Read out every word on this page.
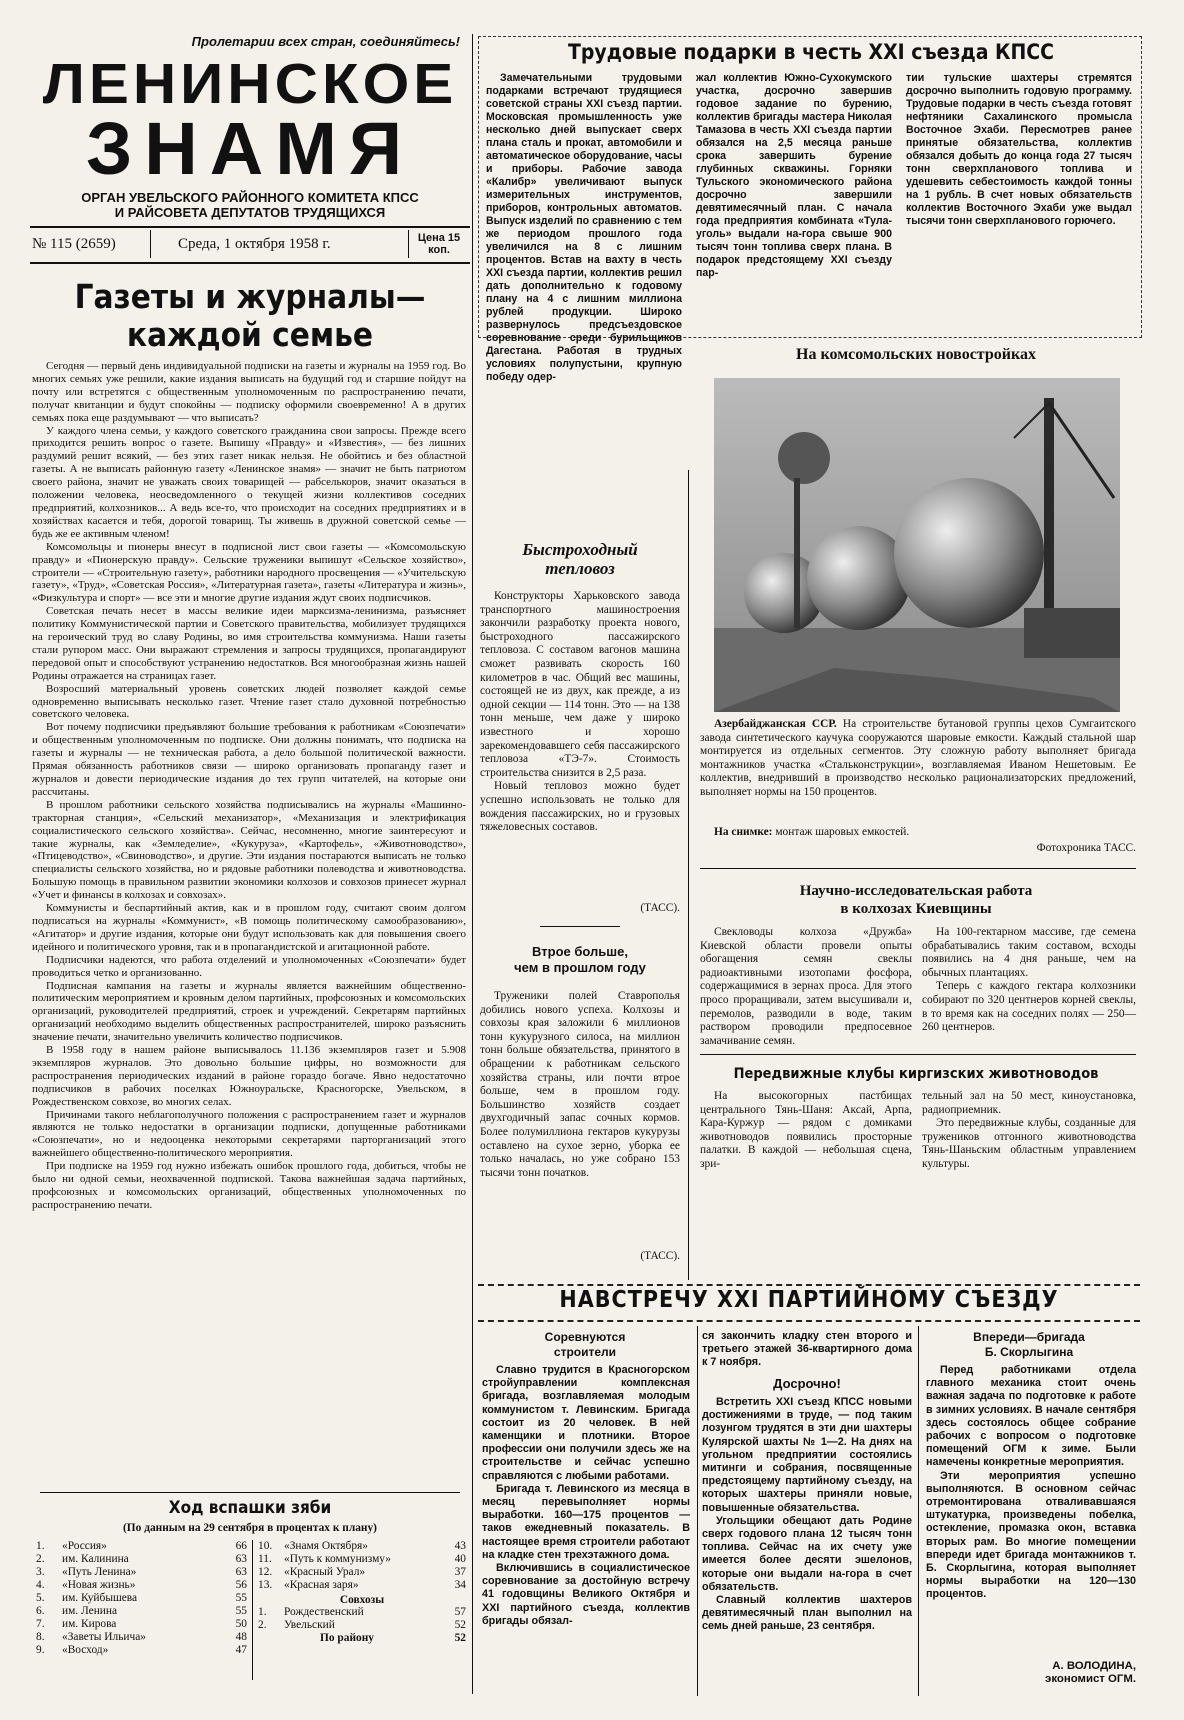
Пролетарии всех стран, соединяйтесь!
ЛЕНИНСКОЕ
ЗНАМЯ
ОРГАН УВЕЛЬСКОГО РАЙОННОГО КОМИТЕТА КПСС
И РАЙСОВЕТА ДЕПУТАТОВ ТРУДЯЩИХСЯ
№ 115 (2659)	Среда, 1 октября 1958 г.	Цена 15 коп.
Газеты и журналы—
каждой семье

Сегодня — первый день индивидуальной подписки на газеты и журналы на 1959 год. Во многих семьях уже решили, какие издания выписать на будущий год и старшие пойдут на почту или встретятся с общественным уполномоченным по распространению печати, получат квитанции и будут спокойны — подписку оформили своевременно! А в других семьях пока еще раздумывают — что выписать?

У каждого члена семьи, у каждого советского гражданина свои запросы. Прежде всего приходится решить вопрос о газете. Выпишу «Правду» и «Известия», — без лишних раздумий решит всякий, — без этих газет никак нельзя. Не обойтись и без областной газеты. А не выписать районную газету «Ленинское знамя» — значит не быть патриотом своего района, значит не уважать своих товарищей — рабселькоров, значит оказаться в положении человека, неосведомленного о текущей жизни коллективов соседних предприятий, колхозников... А ведь все-то, что происходит на соседних предприятиях и в хозяйствах касается и тебя, дорогой товарищ. Ты живешь в дружной советской семье — будь же ее активным членом!

Комсомольцы и пионеры внесут в подписной лист свои газеты — «Комсомольскую правду» и «Пионерскую правду». Сельские труженики выпишут «Сельское хозяйство», строители — «Строительную газету», работники народного просвещения — «Учительскую газету», «Труд», «Советская Россия», «Литературная газета», газеты «Литература и жизнь», «Физкультура и спорт» — все эти и многие другие издания ждут своих подписчиков.

Советская печать несет в массы великие идеи марксизма-ленинизма, разъясняет политику Коммунистической партии и Советского правительства, мобилизует трудящихся на героический труд во славу Родины, во имя строительства коммунизма. Наши газеты стали рупором масс. Они выражают стремления и запросы трудящихся, пропагандируют передовой опыт и способствуют устранению недостатков. Вся многообразная жизнь нашей Родины отражается на страницах газет.

Возросший материальный уровень советских людей позволяет каждой семье одновременно выписывать несколько газет. Чтение газет стало духовной потребностью советского человека.

Вот почему подписчики предъявляют большие требования к работникам «Союзпечати» и общественным уполномоченным по подписке. Они должны понимать, что подписка на газеты и журналы — не техническая работа, а дело большой политической важности. Прямая обязанность работников связи — широко организовать пропаганду газет и журналов и довести периодические издания до тех групп читателей, на которые они рассчитаны.

В прошлом работники сельского хозяйства подписывались на журналы «Машинно-тракторная станция», «Сельский механизатор», «Механизация и электрификация социалистического сельского хозяйства». Сейчас, несомненно, многие заинтересуют и такие журналы, как «Земледелие», «Кукуруза», «Картофель», «Животноводство», «Птицеводство», «Свиноводство», и другие. Эти издания постараются выписать не только специалисты сельского хозяйства, но и рядовые работники полеводства и животноводства. Большую помощь в правильном развитии экономики колхозов и совхозов принесет журнал «Учет и финансы в колхозах и совхозах».

Коммунисты и беспартийный актив, как и в прошлом году, считают своим долгом подписаться на журналы «Коммунист», «В помощь политическому самообразованию», «Агитатор» и другие издания, которые они будут использовать как для повышения своего идейного и политического уровня, так и в пропагандистской и агитационной работе.

Подписчики надеются, что работа отделений и уполномоченных «Союзпечати» будет проводиться четко и организованно.

Подписная кампания на газеты и журналы является важнейшим общественно-политическим мероприятием и кровным делом партийных, профсоюзных и комсомольских организаций, руководителей предприятий, строек и учреждений. Секретарям партийных организаций необходимо выделить общественных распространителей, широко разъяснить значение печати, значительно увеличить количество подписчиков.

В 1958 году в нашем районе выписывалось 11.136 экземпляров газет и 5.908 экземпляров журналов. Это довольно большие цифры, но возможности для распространения периодических изданий в районе гораздо богаче. Явно недостаточно подписчиков в рабочих поселках Южноуральске, Красногорске, Увельском, в Рождественском совхозе, во многих селах.

Причинами такого неблагополучного положения с распространением газет и журналов являются не только недостатки в организации подписки, допущенные работниками «Союзпечати», но и недооценка некоторыми секретарями парторганизаций этого важнейшего общественно-политического мероприятия.

При подписке на 1959 год нужно избежать ошибок прошлого года, добиться, чтобы не было ни одной семьи, неохваченной подпиской. Такова важнейшая задача партийных, профсоюзных и комсомольских организаций, общественных уполномоченных по распространению печати.

Ход вспашки зяби
(По данным на 29 сентября в процентах к плану)
1.	«Россия»	66
2.	им. Калинина	63
3.	«Путь Ленина»	63
4.	«Новая жизнь»	56
5.	им. Куйбышева	55
6.	им. Ленина	55
7.	им. Кирова	50
8.	«Заветы Ильича»	48
9.	«Восход»	47
10.	«Знамя Октября»	43
11.	«Путь к коммунизму»	40
12.	«Красный Урал»	37
13.	«Красная заря»	34
Совхозы
1.	Рождественский	57
2.	Увельский	52
По району	52
Трудовые подарки в честь XXI съезда КПСС
Замечательными трудовыми подарками встречают трудящиеся советской страны XXI съезд партии. Московская промышленность уже несколько дней выпускает сверх плана сталь и прокат, автомобили и автоматическое оборудование, часы и приборы. Рабочие завода «Калибр» увеличивают выпуск измерительных инструментов, приборов, контрольных автоматов. Выпуск изделий по сравнению с тем же периодом прошлого года увеличился на 8 с лишним процентов. Встав на вахту в честь XXI съезда партии, коллектив решил дать дополнительно к годовому плану на 4 с лишним миллиона рублей продукции. Широко развернулось предсъездовское соревнование среди бурильщиков Дагестана. Работая в трудных условиях полупустыни, крупную победу одер-
жал коллектив Южно-Сухокумского участка, досрочно завершив годовое задание по бурению, коллектив бригады мастера Николая Тамазова в честь XXI съезда партии обязался на 2,5 месяца раньше срока завершить бурение глубинных скважины. Горняки Тульского экономического района досрочно завершили девятимесячный план. С начала года предприятия комбината «Тула-уголь» выдали на-гора свыше 900 тысяч тонн топлива сверх плана. В подарок предстоящему XXI съезду пар-
тии тульские шахтеры стремятся досрочно выполнить годовую программу. Трудовые подарки в честь съезда готовят нефтяники Сахалинского промысла Восточное Эхаби. Пересмотрев ранее принятые обязательства, коллектив обязался добыть до конца года 27 тысяч тонн сверхпланового топлива и удешевить себестоимость каждой тонны на 1 рубль. В счет новых обязательств коллектив Восточного Эхаби уже выдал тысячи тонн сверхпланового горючего.
На комсомольских новостройках
Азербайджанская ССР. На строительстве бутановой группы цехов Сумгаитского завода синтетического каучука сооружаются шаровые емкости. Каждый стальной шар монтируется из отдельных сегментов. Эту сложную работу выполняет бригада монтажников участка «Стальконструкции», возглавляемая Иваном Нешетовым. Ее коллектив, внедривший в производство несколько рационализаторских предложений, выполняет нормы на 150 процентов.
На снимке: монтаж шаровых емкостей.
Фотохроника ТАСС.
Научно-исследовательская работа
в колхозах Киевщины
Свекловоды колхоза «Дружба» Киевской области провели опыты обогащения семян свеклы радиоактивными изотопами фосфора, содержащимися в зернах проса. Для этого просо проращивали, затем высушивали и, перемолов, разводили в воде, таким раствором проводили предпосевное замачивание семян.

На 100-гектарном массиве, где семена обрабатывались таким составом, всходы появились на 4 дня раньше, чем на обычных плантациях.

Теперь с каждого гектара колхозники собирают по 320 центнеров корней свеклы, в то время как на соседних полях — 250—260 центнеров.

Передвижные клубы киргизских животноводов
На высокогорных пастбищах центрального Тянь-Шаня: Аксай, Арпа, Кара-Куржур — рядом с домиками животноводов появились просторные палатки. В каждой — небольшая сцена, зри-

тельный зал на 50 мест, киноустановка, радиоприемник.

Это передвижные клубы, созданные для тружеников отгонного животноводства Тянь-Шаньским областным управлением культуры.

Быстроходный
тепловоз

Конструкторы Харьковского завода транспортного машиностроения закончили разработку проекта нового, быстроходного пассажирского тепловоза. С составом вагонов машина сможет развивать скорость 160 километров в час. Общий вес машины, состоящей не из двух, как прежде, а из одной секции — 114 тонн. Это — на 138 тонн меньше, чем даже у широко известного и хорошо зарекомендовавшего себя пассажирского тепловоза «ТЭ-7». Стоимость строительства снизится в 2,5 раза.

Новый тепловоз можно будет успешно использовать не только для вождения пассажирских, но и грузовых тяжеловесных составов.

(ТАСС).
Втрое больше,
чем в прошлом году
Труженики полей Ставрополья добились нового успеха. Колхозы и совхозы края заложили 6 миллионов тонн кукурузного силоса, на миллион тонн больше обязательства, принятого в обращении к работникам сельского хозяйства страны, или почти втрое больше, чем в прошлом году. Большинство хозяйств создает двухгодичный запас сочных кормов. Более полумиллиона гектаров кукурузы оставлено на сухое зерно, уборка ее только началась, но уже собрано 153 тысячи тонн початков.
(ТАСС).
НАВСТРЕЧУ XXI ПАРТИЙНОМУ СЪЕЗДУ
Соревнуются
строители

Славно трудится в Красногорском стройуправлении комплексная бригада, возглавляемая молодым коммунистом т. Левинским. Бригада состоит из 20 человек. В ней каменщики и плотники. Второе профессии они получили здесь же на строительстве и сейчас успешно справляются с любыми работами.

Бригада т. Левинского из месяца в месяц перевыполняет нормы выработки. 160—175 процентов — таков ежедневный показатель. В настоящее время строители работают на кладке стен трехэтажного дома.

Включившись в социалистическое соревнование за достойную встречу 41 годовщины Великого Октября и XXI партийного съезда, коллектив бригады обязал-

ся закончить кладку стен второго и третьего этажей 36-квартирного дома к 7 ноября.
Досрочно!

Встретить XXI съезд КПСС новыми достижениями в труде, — под таким лозунгом трудятся в эти дни шахтеры Кулярской шахты № 1—2. На днях на угольном предприятии состоялись митинги и собрания, посвященные предстоящему партийному съезду, на которых шахтеры приняли новые, повышенные обязательства.

Угольщики обещают дать Родине сверх годового плана 12 тысяч тонн топлива. Сейчас на их счету уже имеется более десяти эшелонов, которые они выдали на-гора в счет обязательств.

Славный коллектив шахтеров девятимесячный план выполнил на семь дней раньше, 23 сентября.

Впереди—бригада
Б. Скорлыгина

Перед работниками отдела главного механика стоит очень важная задача по подготовке к работе в зимних условиях. В начале сентября здесь состоялось общее собрание рабочих с вопросом о подготовке помещений ОГМ к зиме. Были намечены конкретные мероприятия.

Эти мероприятия успешно выполняются. В основном сейчас отремонтирована отваливавшаяся штукатурка, произведены побелка, остекление, промазка окон, вставка вторых рам. Во многие помещении впереди идет бригада монтажников т. Б. Скорлыгина, которая выполняет нормы выработки на 120—130 процентов.

А. ВОЛОДИНА,
экономист ОГМ.
